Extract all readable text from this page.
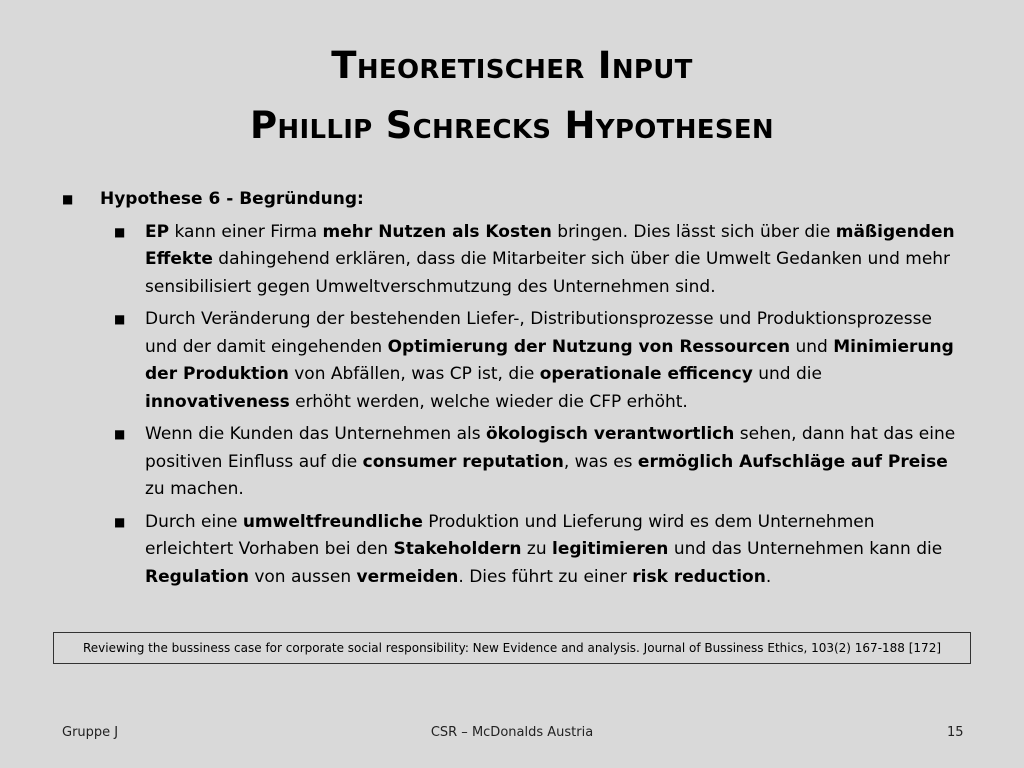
Theoretischer Input
Phillip Schrecks Hypothesen
■ Hypothese 6 - Begründung:
■ EP kann einer Firma mehr Nutzen als Kosten bringen. Dies lässt sich über die mäßigenden Effekte dahingehend erklären, dass die Mitarbeiter sich über die Umwelt Gedanken und mehr sensibilisiert gegen Umweltverschmutzung des Unternehmen sind.
■ Durch Veränderung der bestehenden Liefer-, Distributionsprozesse und Produktionsprozesse und der damit eingehenden Optimierung der Nutzung von Ressourcen und Minimierung der Produktion von Abfällen, was CP ist, die operationale efficency und die innovativeness erhöht werden, welche wieder die CFP erhöht.
■ Wenn die Kunden das Unternehmen als ökologisch verantwortlich sehen, dann hat das eine positiven Einfluss auf die consumer reputation, was es ermöglich Aufschläge auf Preise zu machen.
■ Durch eine umweltfreundliche Produktion und Lieferung wird es dem Unternehmen erleichtert Vorhaben bei den Stakeholdern zu legitimieren und das Unternehmen kann die Regulation von aussen vermeiden. Dies führt zu einer risk reduction.
Reviewing the bussiness case for corporate social responsibility: New Evidence and analysis. Journal of Bussiness Ethics, 103(2) 167-188 [172]
Gruppe J	CSR – McDonalds Austria	15
